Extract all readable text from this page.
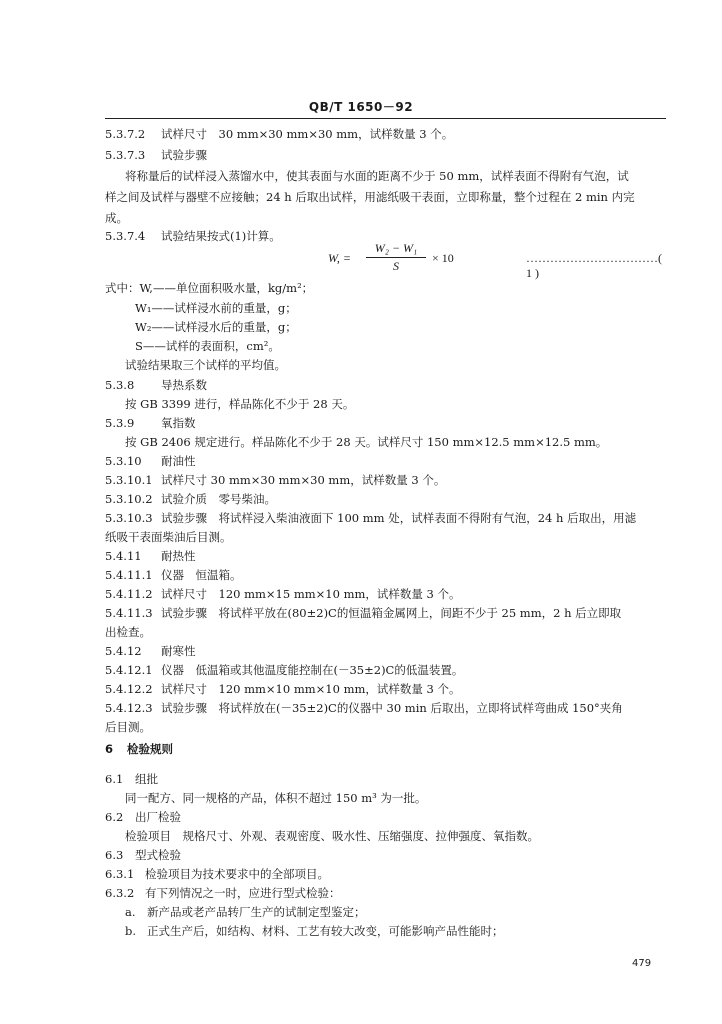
QB/T 1650－92
5.3.7.2 试样尺寸　30 mm×30 mm×30 mm，试样数量 3 个。
5.3.7.3 试验步骤
将称量后的试样浸入蒸馏水中，使其表面与水面的距离不少于 50 mm，试样表面不得附有气泡，试
样之间及试样与器壁不应接触；24 h 后取出试样，用滤纸吸干表面，立即称量，整个过程在 2 min 内完
成。
5.3.7.4 试验结果按式(1)计算。
W, =
W₂ − W₁
S
× 10	……………………………( 1 )
式中：W,——单位面积吸水量，kg/m²；
W₁——试样浸水前的重量，g；
W₂——试样浸水后的重量，g；
S——试样的表面积，cm²。
试验结果取三个试样的平均值。
5.3.8 导热系数
按 GB 3399 进行，样品陈化不少于 28 天。
5.3.9 氧指数
按 GB 2406 规定进行。样品陈化不少于 28 天。试样尺寸 150 mm×12.5 mm×12.5 mm。
5.3.10 耐油性
5.3.10.1 试样尺寸 30 mm×30 mm×30 mm，试样数量 3 个。
5.3.10.2 试验介质　零号柴油。
5.3.10.3 试验步骤　将试样浸入柴油液面下 100 mm 处，试样表面不得附有气泡，24 h 后取出，用滤
纸吸干表面柴油后目测。
5.4.11 耐热性
5.4.11.1 仪器　恒温箱。
5.4.11.2 试样尺寸　120 mm×15 mm×10 mm，试样数量 3 个。
5.4.11.3 试验步骤　将试样平放在(80±2)C的恒温箱金属网上，间距不少于 25 mm，2 h 后立即取
出检查。
5.4.12 耐寒性
5.4.12.1 仪器　低温箱或其他温度能控制在(－35±2)C的低温装置。
5.4.12.2 试样尺寸　120 mm×10 mm×10 mm，试样数量 3 个。
5.4.12.3 试验步骤　将试样放在(－35±2)C的仪器中 30 min 后取出，立即将试样弯曲成 150°夹角
后目测。
6 检验规则
6.1 组批
同一配方、同一规格的产品，体积不超过 150 m³ 为一批。
6.2 出厂检验
检验项目　规格尺寸、外观、表观密度、吸水性、压缩强度、拉伸强度、氧指数。
6.3 型式检验
6.3.1 检验项目为技术要求中的全部项目。
6.3.2 有下列情况之一时，应进行型式检验：
a. 新产品或老产品转厂生产的试制定型鉴定；
b. 正式生产后，如结构、材料、工艺有较大改变，可能影响产品性能时；
479
